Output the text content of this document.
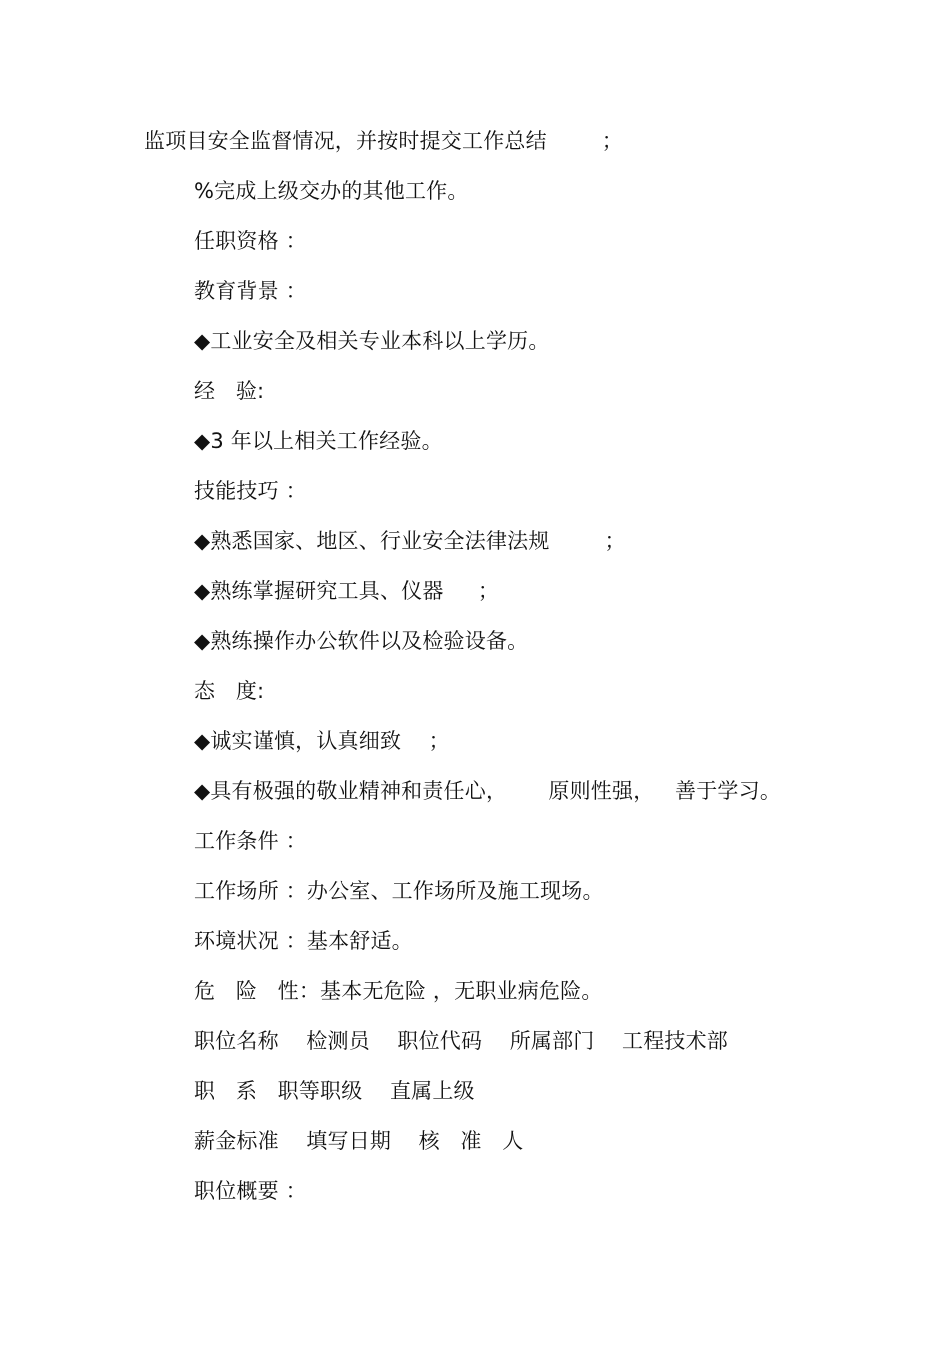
监项目安全监督情况，并按时提交工作总结        ；
%完成上级交办的其他工作。
任职资格 ：
教育背景 ：
◆工业安全及相关专业本科以上学历。
经   验:
◆3 年以上相关工作经验。
技能技巧 ：
◆熟悉国家、地区、行业安全法律法规        ；
◆熟练掌握研究工具、仪器     ；
◆熟练操作办公软件以及检验设备。
态   度:
◆诚实谨慎，认真细致    ；
◆具有极强的敬业精神和责任心，      原则性强，   善于学习。
工作条件 ：
工作场所 ：办公室、工作场所及施工现场。
环境状况 ：基本舒适。
危   险   性：基本无危险 ，无职业病危险。
职位名称    检测员    职位代码    所属部门    工程技术部
职   系   职等职级    直属上级
薪金标准    填写日期    核   准   人
职位概要 ：
